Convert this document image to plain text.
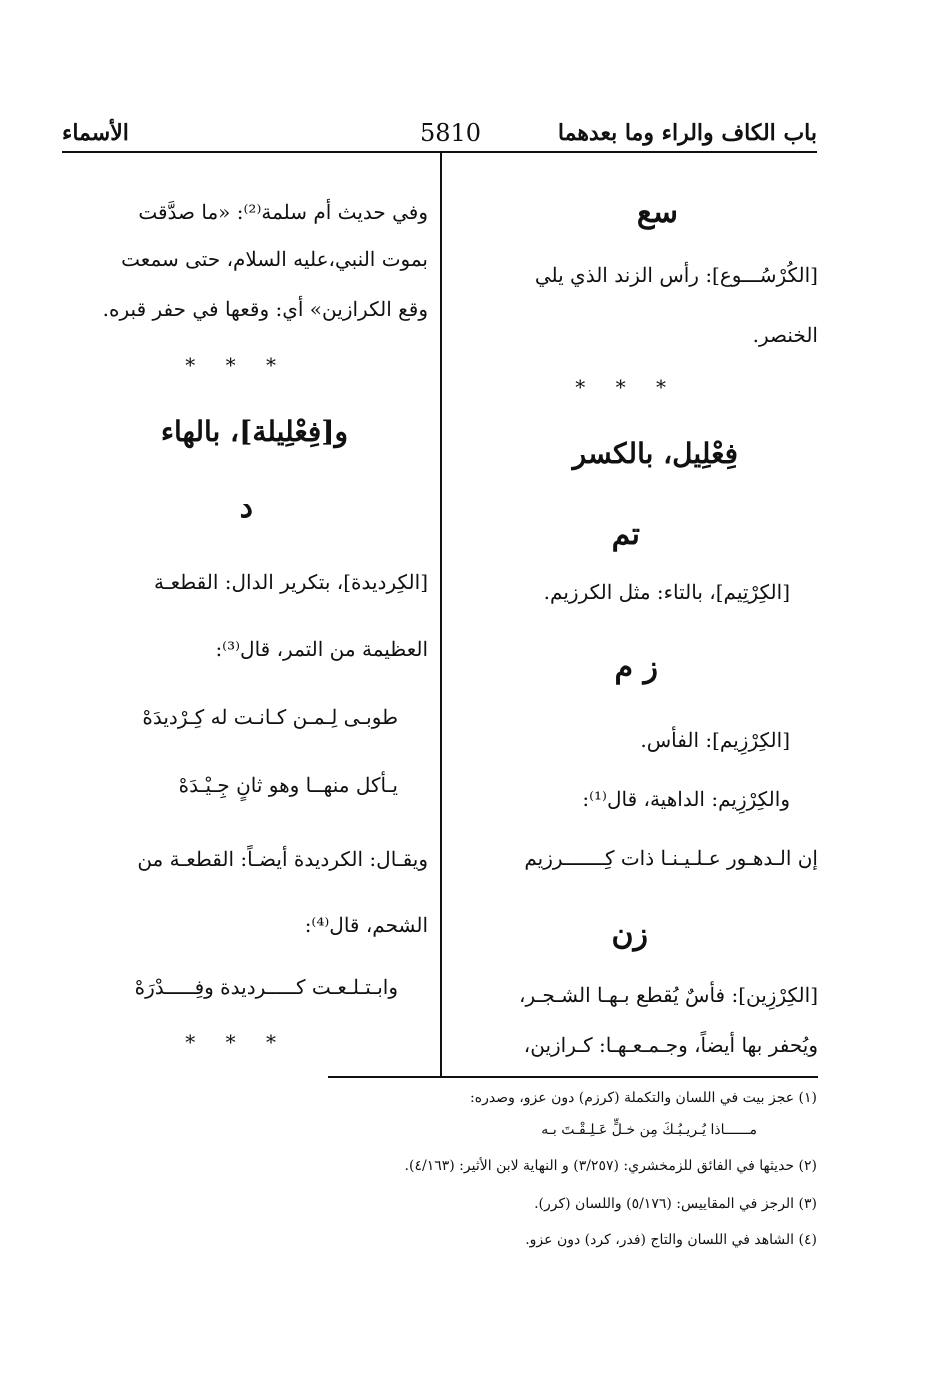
باب الكاف والراء وما بعدهما
5810
الأسماء
سع
[الكُرْسُـــوع]: رأس الزند الذي يلي
الخنصر.
* * *
فِعْلِيل، بالكسر
تم
[الكِرْتِيم]، بالتاء: مثل الكرزيم.
ز م
[الكِرْزِيم]: الفأس.
والكِرْزِيم: الداهية، قال⁽¹⁾:
إن الـدهـور عـلـيـنـا ذات كِـــــــرزيم
زن
[الكِرْزِين]: فأسٌ يُقطع بـهـا الشـجـر،
ويُحفر بها أيضاً، وجـمـعـهـا: كـرازين،
وفي حديث أم سلمة⁽²⁾: «ما صدَّقت
بموت النبي،عليه السلام، حتى سمعت
وقع الكرازين» أي: وقعها في حفر قبره.
* * *
و[فِعْلِيلة]، بالهاء
د
[الكِرديدة]، بتكرير الدال: القطعـة
العظيمة من التمر، قال⁽³⁾:
طوبـى لِـمـن كـانـت له كِـرْديدَهْ
يـأكل منهــا وهو ثانٍ جِـيْـدَهْ
ويقـال: الكرديدة أيضـاً: القطعـة من
الشحم، قال⁽⁴⁾:
وابـتـلـعـت كـــــرديدة وفِـــــدْرَهْ
* * *
(١) عجز بيت في اللسان والتكملة (كرزم) دون عزو، وصدره:
مــــــاذا يُـريـبُـكَ مِن خـلٍّ عَـلِـقْـتَ بـه
(٢) حديثها في الفائق للزمخشري: (٣/٢٥٧) و النهاية لابن الأثير: (٤/١٦٣).
(٣) الرجز في المقاييس: (٥/١٧٦) واللسان (كرر).
(٤) الشاهد في اللسان والتاج (فدر، كرد) دون عزو.
